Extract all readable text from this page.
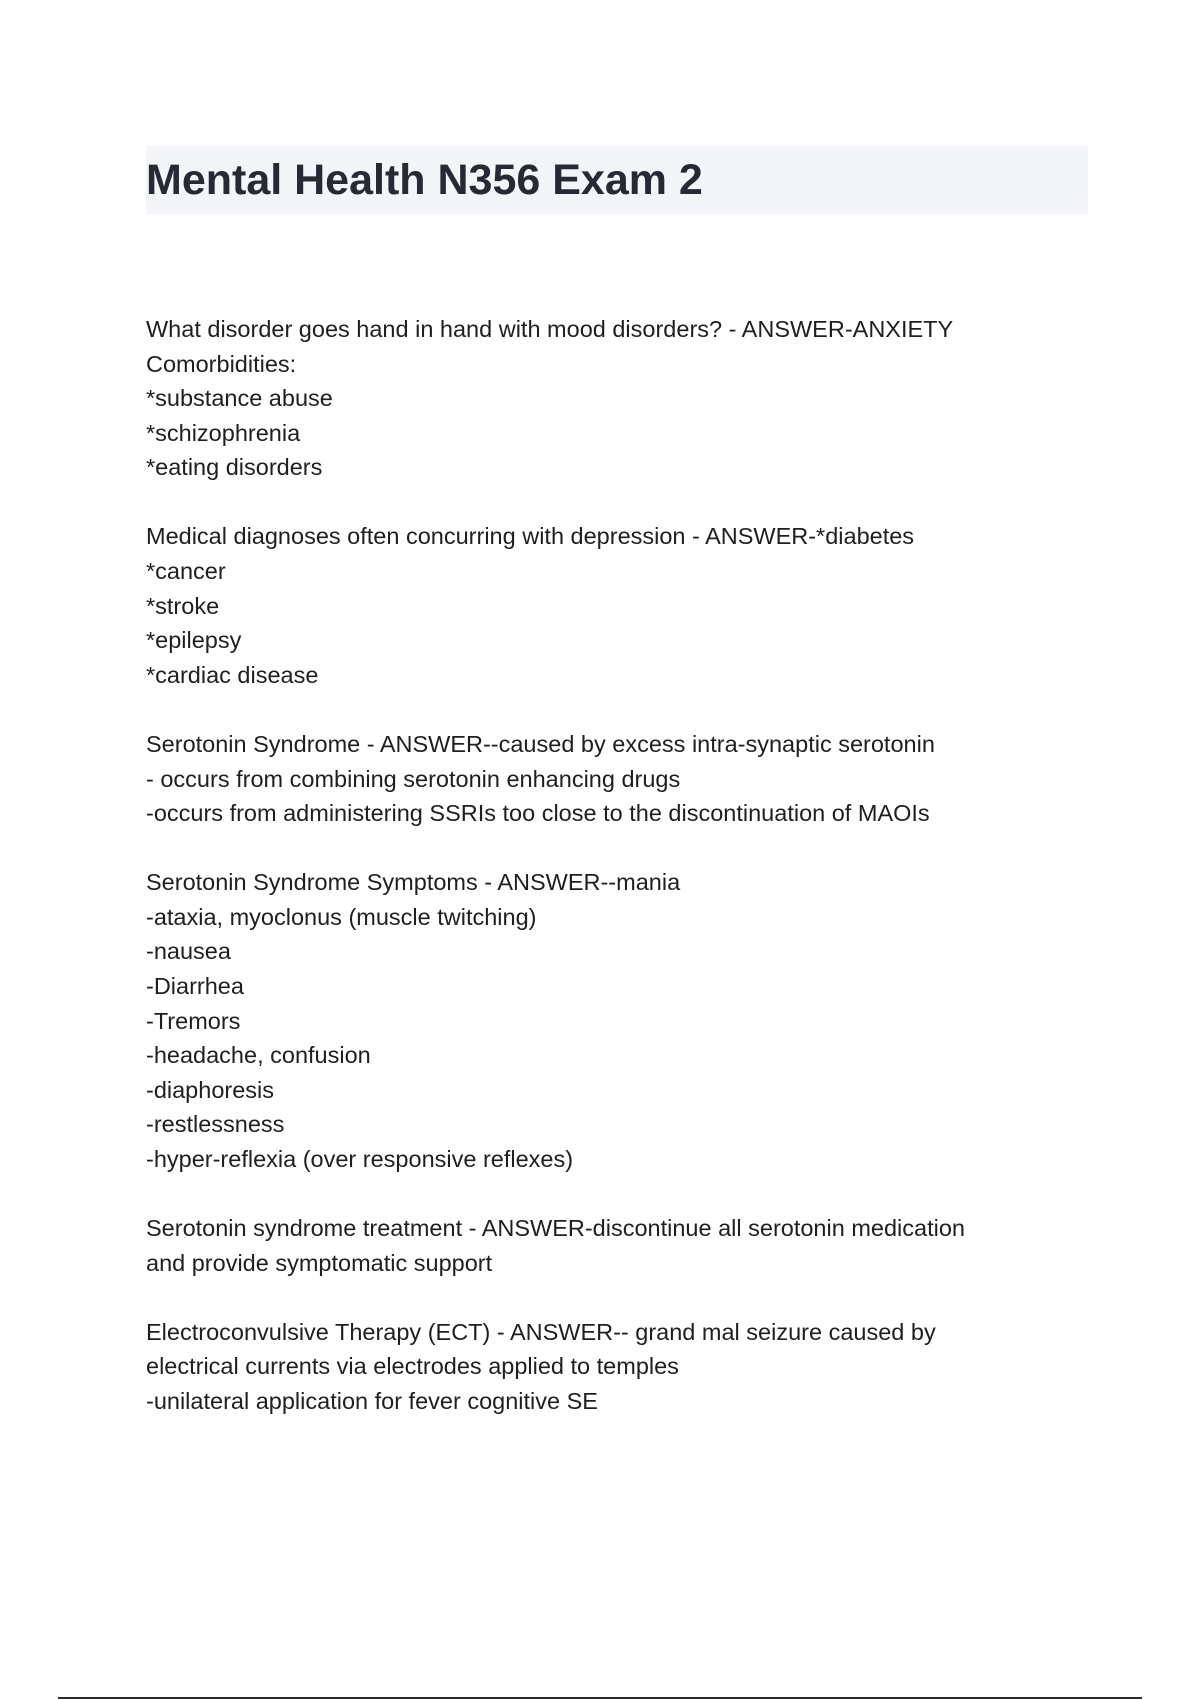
Mental Health N356 Exam 2

What disorder goes hand in hand with mood disorders? - ANSWER-ANXIETY

Comorbidities:

*substance abuse

*schizophrenia

*eating disorders

Medical diagnoses often concurring with depression - ANSWER-*diabetes

*cancer

*stroke

*epilepsy

*cardiac disease

Serotonin Syndrome - ANSWER--caused by excess intra-synaptic serotonin

- occurs from combining serotonin enhancing drugs

-occurs from administering SSRIs too close to the discontinuation of MAOIs

Serotonin Syndrome Symptoms - ANSWER--mania

-ataxia, myoclonus (muscle twitching)

-nausea

-Diarrhea

-Tremors

-headache, confusion

-diaphoresis

-restlessness

-hyper-reflexia (over responsive reflexes)

Serotonin syndrome treatment - ANSWER-discontinue all serotonin medication

and provide symptomatic support

Electroconvulsive Therapy (ECT) - ANSWER-- grand mal seizure caused by

electrical currents via electrodes applied to temples

-unilateral application for fever cognitive SE
